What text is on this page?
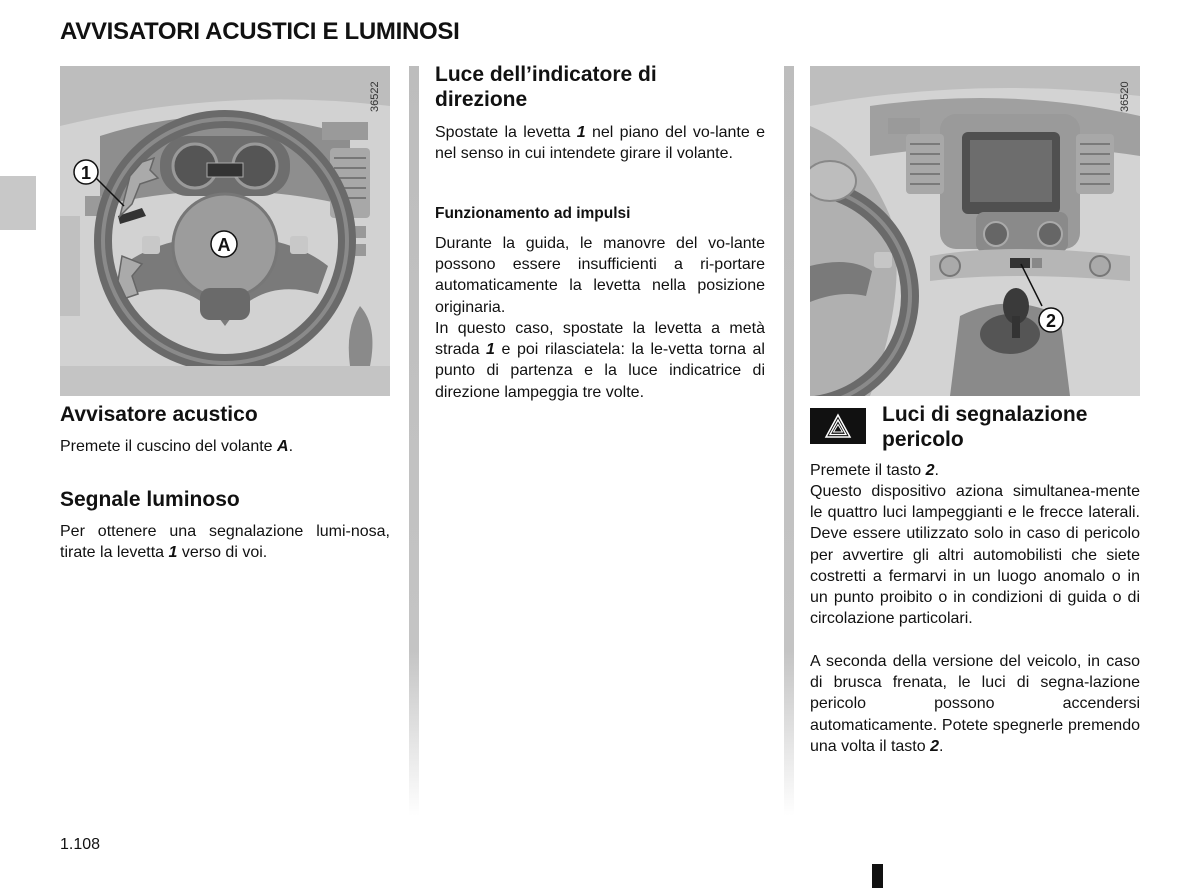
AVVISATORI ACUSTICI E LUMINOSI
1
A
36522
2
36520
Avvisatore acustico

Premete il cuscino del volante A.

Segnale luminoso

Per ottenere una segnalazione lumi-nosa, tirate la levetta 1 verso di voi.

Luce dell’indicatore di direzione

Spostate la levetta 1 nel piano del vo-lante e nel senso in cui intendete girare il volante.

Funzionamento ad impulsi

Durante la guida, le manovre del vo-lante possono essere insufficienti a ri-portare automaticamente la levetta nella posizione originaria.

In questo caso, spostate la levetta a metà strada 1 e poi rilasciatela: la le-vetta torna al punto di partenza e la luce indicatrice di direzione lampeggia tre volte.

Luci di segnalazione pericolo

Premete il tasto 2.

Questo dispositivo aziona simultanea-mente le quattro luci lampeggianti e le frecce laterali. Deve essere utilizzato solo in caso di pericolo per avvertire gli altri automobilisti che siete costretti a fermarvi in un luogo anomalo o in un punto proibito o in condizioni di guida o di circolazione particolari.

A seconda della versione del veicolo, in caso di brusca frenata, le luci di segna-lazione pericolo possono accendersi automaticamente. Potete spegnerle premendo una volta il tasto 2.

1.108
